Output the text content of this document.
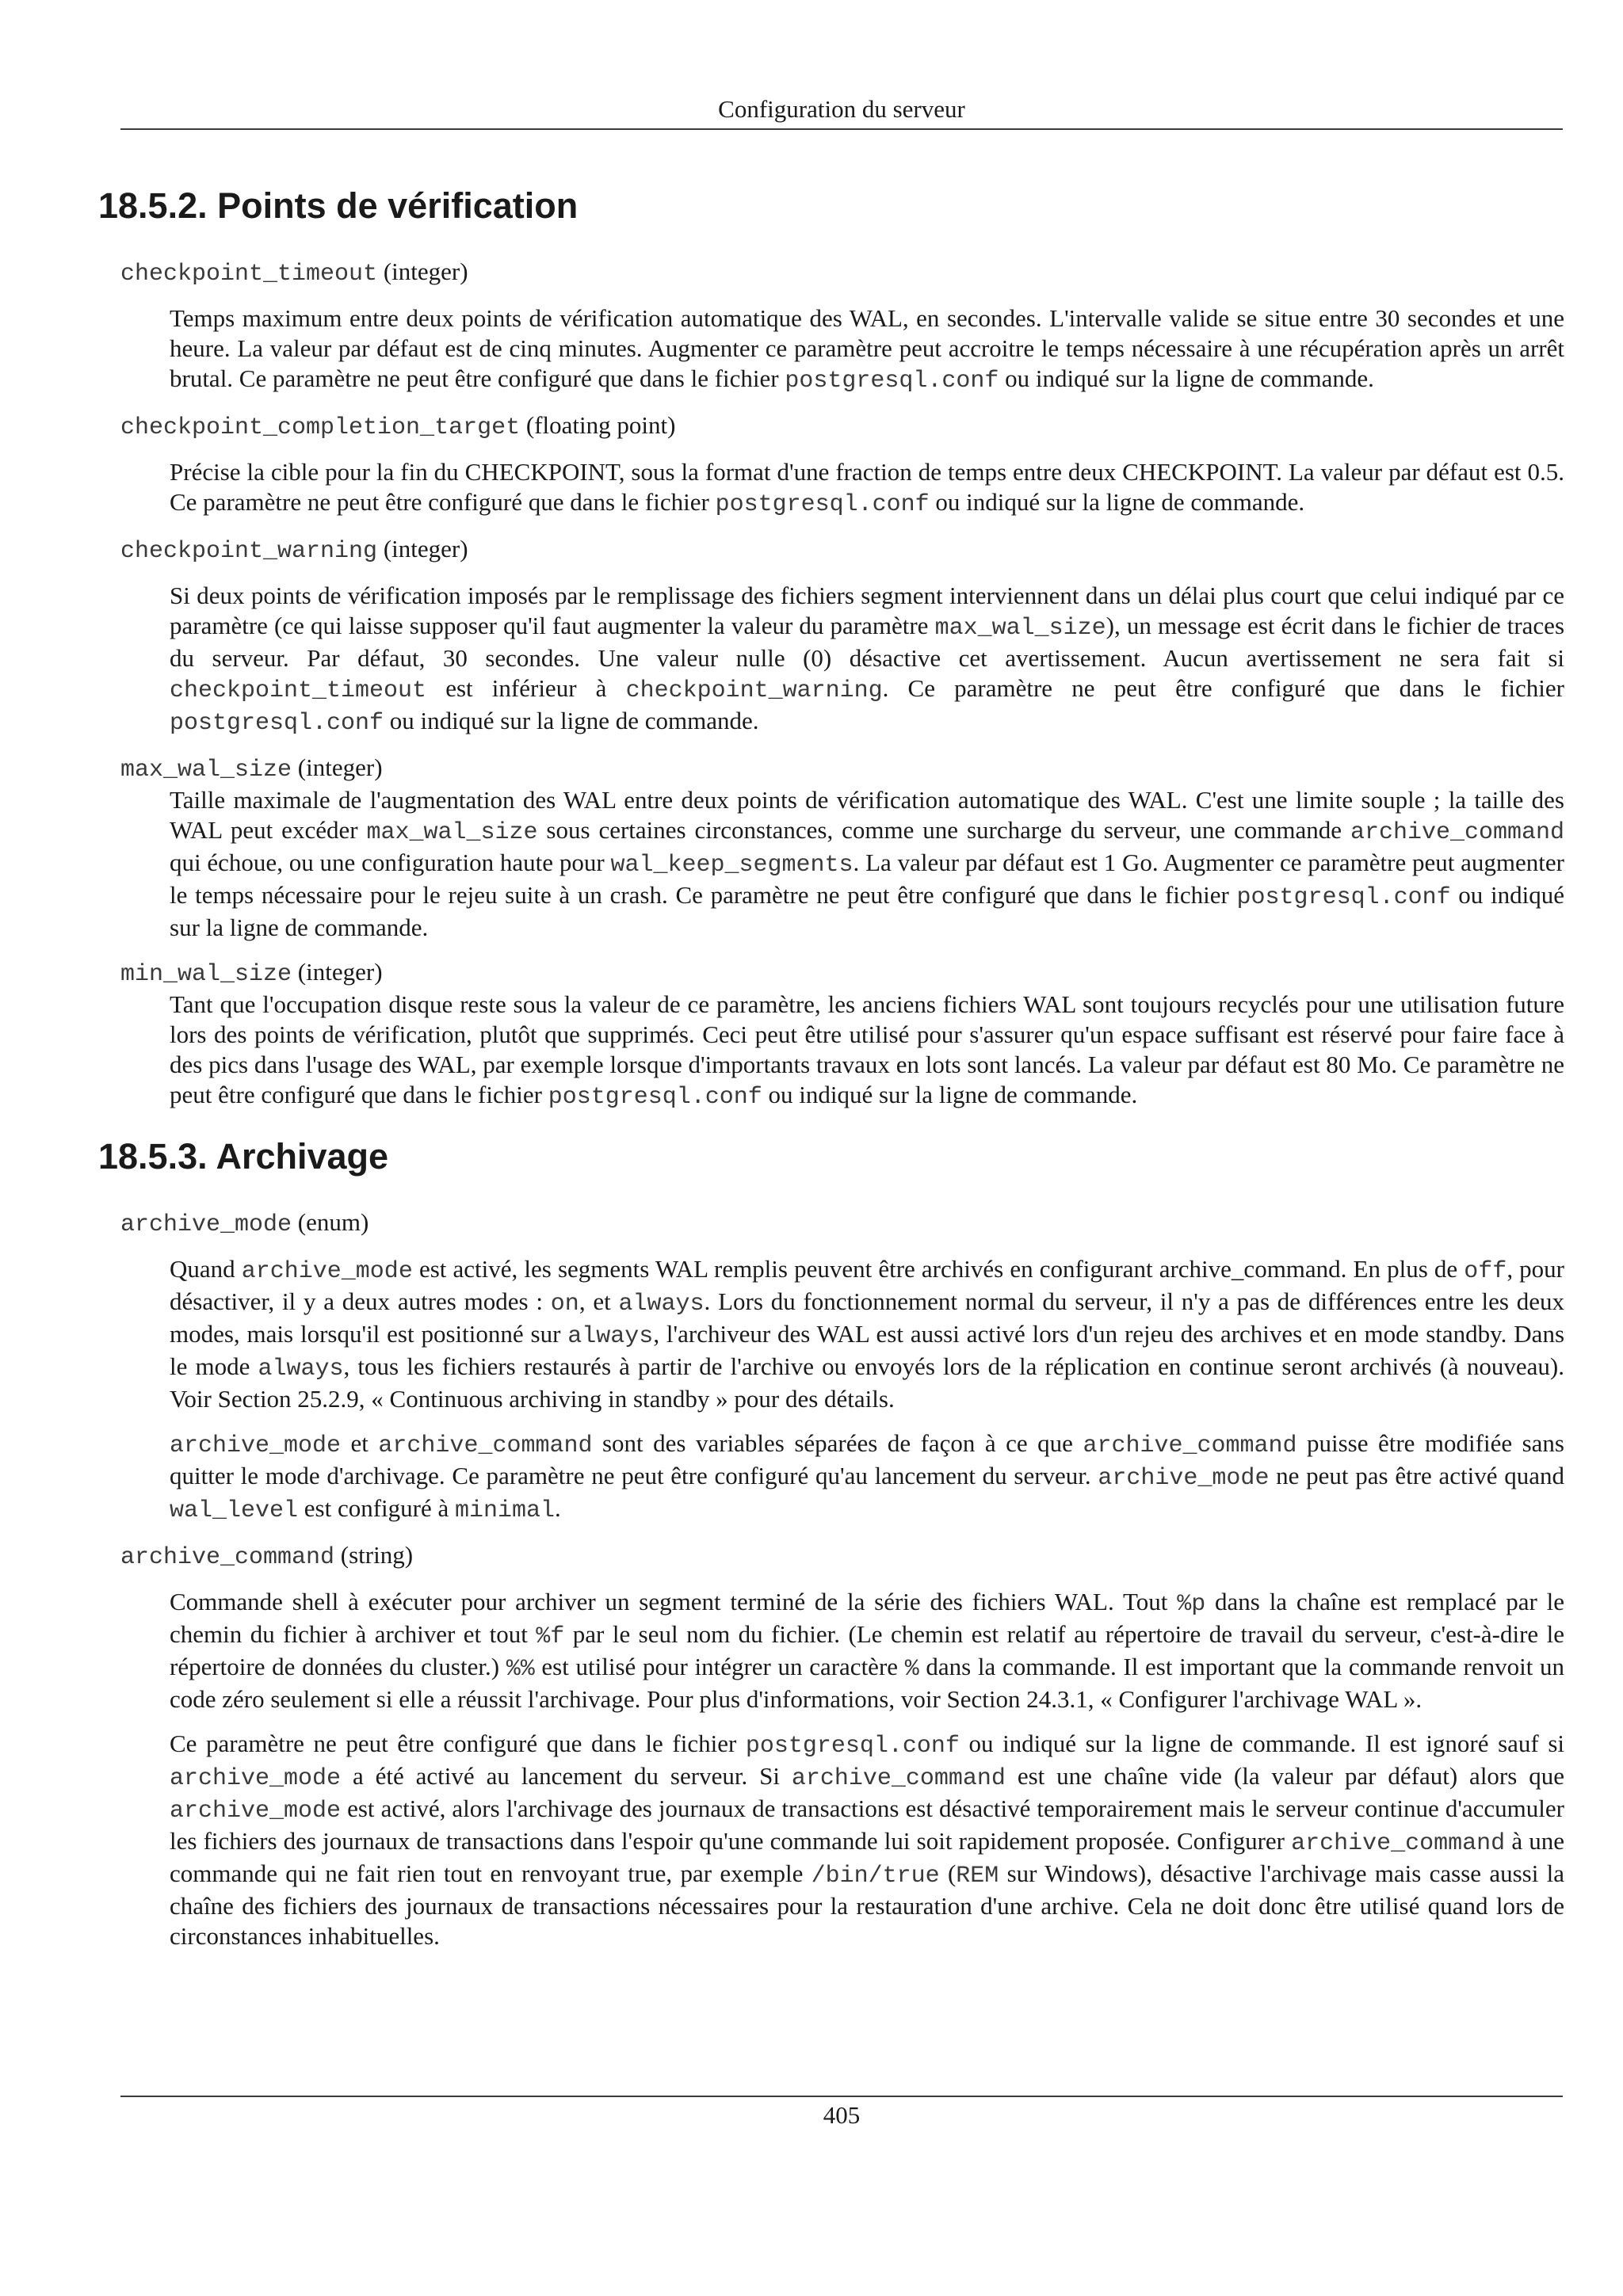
Configuration du serveur
18.5.2. Points de vérification
checkpoint_timeout (integer)
Temps maximum entre deux points de vérification automatique des WAL, en secondes. L'intervalle valide se situe entre 30 secondes et une heure. La valeur par défaut est de cinq minutes. Augmenter ce paramètre peut accroitre le temps nécessaire à une récupération après un arrêt brutal. Ce paramètre ne peut être configuré que dans le fichier postgresql.conf ou indiqué sur la ligne de commande.
checkpoint_completion_target (floating point)
Précise la cible pour la fin du CHECKPOINT, sous la format d'une fraction de temps entre deux CHECKPOINT. La valeur par défaut est 0.5. Ce paramètre ne peut être configuré que dans le fichier postgresql.conf ou indiqué sur la ligne de commande.
checkpoint_warning (integer)
Si deux points de vérification imposés par le remplissage des fichiers segment interviennent dans un délai plus court que celui indiqué par ce paramètre (ce qui laisse supposer qu'il faut augmenter la valeur du paramètre max_wal_size), un message est écrit dans le fichier de traces du serveur. Par défaut, 30 secondes. Une valeur nulle (0) désactive cet avertissement. Aucun avertissement ne sera fait si checkpoint_timeout est inférieur à checkpoint_warning. Ce paramètre ne peut être configuré que dans le fichier postgresql.conf ou indiqué sur la ligne de commande.
max_wal_size (integer)
Taille maximale de l'augmentation des WAL entre deux points de vérification automatique des WAL. C'est une limite souple ; la taille des WAL peut excéder max_wal_size sous certaines circonstances, comme une surcharge du serveur, une commande archive_command qui échoue, ou une configuration haute pour wal_keep_segments. La valeur par défaut est 1 Go. Augmenter ce paramètre peut augmenter le temps nécessaire pour le rejeu suite à un crash. Ce paramètre ne peut être configuré que dans le fichier postgresql.conf ou indiqué sur la ligne de commande.
min_wal_size (integer)
Tant que l'occupation disque reste sous la valeur de ce paramètre, les anciens fichiers WAL sont toujours recyclés pour une utilisation future lors des points de vérification, plutôt que supprimés. Ceci peut être utilisé pour s'assurer qu'un espace suffisant est réservé pour faire face à des pics dans l'usage des WAL, par exemple lorsque d'importants travaux en lots sont lancés. La valeur par défaut est 80 Mo. Ce paramètre ne peut être configuré que dans le fichier postgresql.conf ou indiqué sur la ligne de commande.
18.5.3. Archivage
archive_mode (enum)
Quand archive_mode est activé, les segments WAL remplis peuvent être archivés en configurant archive_command. En plus de off, pour désactiver, il y a deux autres modes : on, et always. Lors du fonctionnement normal du serveur, il n'y a pas de différences entre les deux modes, mais lorsqu'il est positionné sur always, l'archiveur des WAL est aussi activé lors d'un rejeu des archives et en mode standby. Dans le mode always, tous les fichiers restaurés à partir de l'archive ou envoyés lors de la réplication en continue seront archivés (à nouveau). Voir Section 25.2.9, « Continuous archiving in standby » pour des détails.
archive_mode et archive_command sont des variables séparées de façon à ce que archive_command puisse être modifiée sans quitter le mode d'archivage. Ce paramètre ne peut être configuré qu'au lancement du serveur. archive_mode ne peut pas être activé quand wal_level est configuré à minimal.
archive_command (string)
Commande shell à exécuter pour archiver un segment terminé de la série des fichiers WAL. Tout %p dans la chaîne est remplacé par le chemin du fichier à archiver et tout %f par le seul nom du fichier. (Le chemin est relatif au répertoire de travail du serveur, c'est-à-dire le répertoire de données du cluster.) %% est utilisé pour intégrer un caractère % dans la commande. Il est important que la commande renvoit un code zéro seulement si elle a réussit l'archivage. Pour plus d'informations, voir Section 24.3.1, « Configurer l'archivage WAL ».
Ce paramètre ne peut être configuré que dans le fichier postgresql.conf ou indiqué sur la ligne de commande. Il est ignoré sauf si archive_mode a été activé au lancement du serveur. Si archive_command est une chaîne vide (la valeur par défaut) alors que archive_mode est activé, alors l'archivage des journaux de transactions est désactivé temporairement mais le serveur continue d'accumuler les fichiers des journaux de transactions dans l'espoir qu'une commande lui soit rapidement proposée. Configurer archive_command à une commande qui ne fait rien tout en renvoyant true, par exemple /bin/true (REM sur Windows), désactive l'archivage mais casse aussi la chaîne des fichiers des journaux de transactions nécessaires pour la restauration d'une archive. Cela ne doit donc être utilisé quand lors de circonstances inhabituelles.
405
